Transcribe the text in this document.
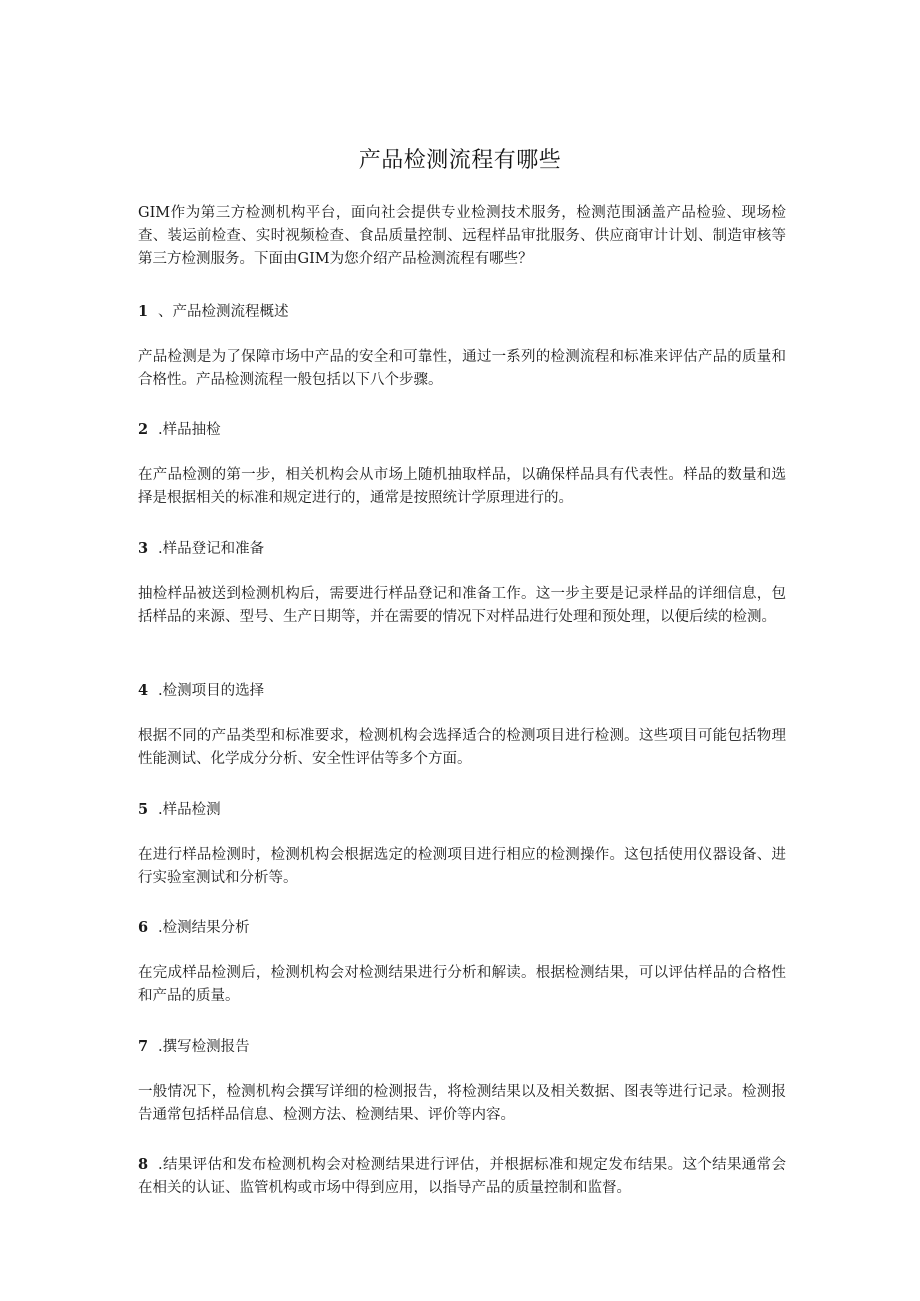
产品检测流程有哪些
GIM作为第三方检测机构平台，面向社会提供专业检测技术服务，检测范围涵盖产品检验、现场检查、装运前检查、实时视频检查、食品质量控制、远程样品审批服务、供应商审计计划、制造审核等第三方检测服务。下面由GIM为您介绍产品检测流程有哪些？
1 、产品检测流程概述
产品检测是为了保障市场中产品的安全和可靠性，通过一系列的检测流程和标准来评估产品的质量和合格性。产品检测流程一般包括以下八个步骤。
2.样品抽检
在产品检测的第一步，相关机构会从市场上随机抽取样品，以确保样品具有代表性。样品的数量和选择是根据相关的标准和规定进行的，通常是按照统计学原理进行的。
3.样品登记和准备
抽检样品被送到检测机构后，需要进行样品登记和准备工作。这一步主要是记录样品的详细信息，包括样品的来源、型号、生产日期等，并在需要的情况下对样品进行处理和预处理，以便后续的检测。
4.检测项目的选择
根据不同的产品类型和标准要求，检测机构会选择适合的检测项目进行检测。这些项目可能包括物理性能测试、化学成分分析、安全性评估等多个方面。
5.样品检测
在进行样品检测时，检测机构会根据选定的检测项目进行相应的检测操作。这包括使用仪器设备、进行实验室测试和分析等。
6.检测结果分析
在完成样品检测后，检测机构会对检测结果进行分析和解读。根据检测结果，可以评估样品的合格性和产品的质量。
7.撰写检测报告
一般情况下，检测机构会撰写详细的检测报告，将检测结果以及相关数据、图表等进行记录。检测报告通常包括样品信息、检测方法、检测结果、评价等内容。
8.结果评估和发布检测机构会对检测结果进行评估，并根据标准和规定发布结果。这个结果通常会在相关的认证、监管机构或市场中得到应用，以指导产品的质量控制和监督。
